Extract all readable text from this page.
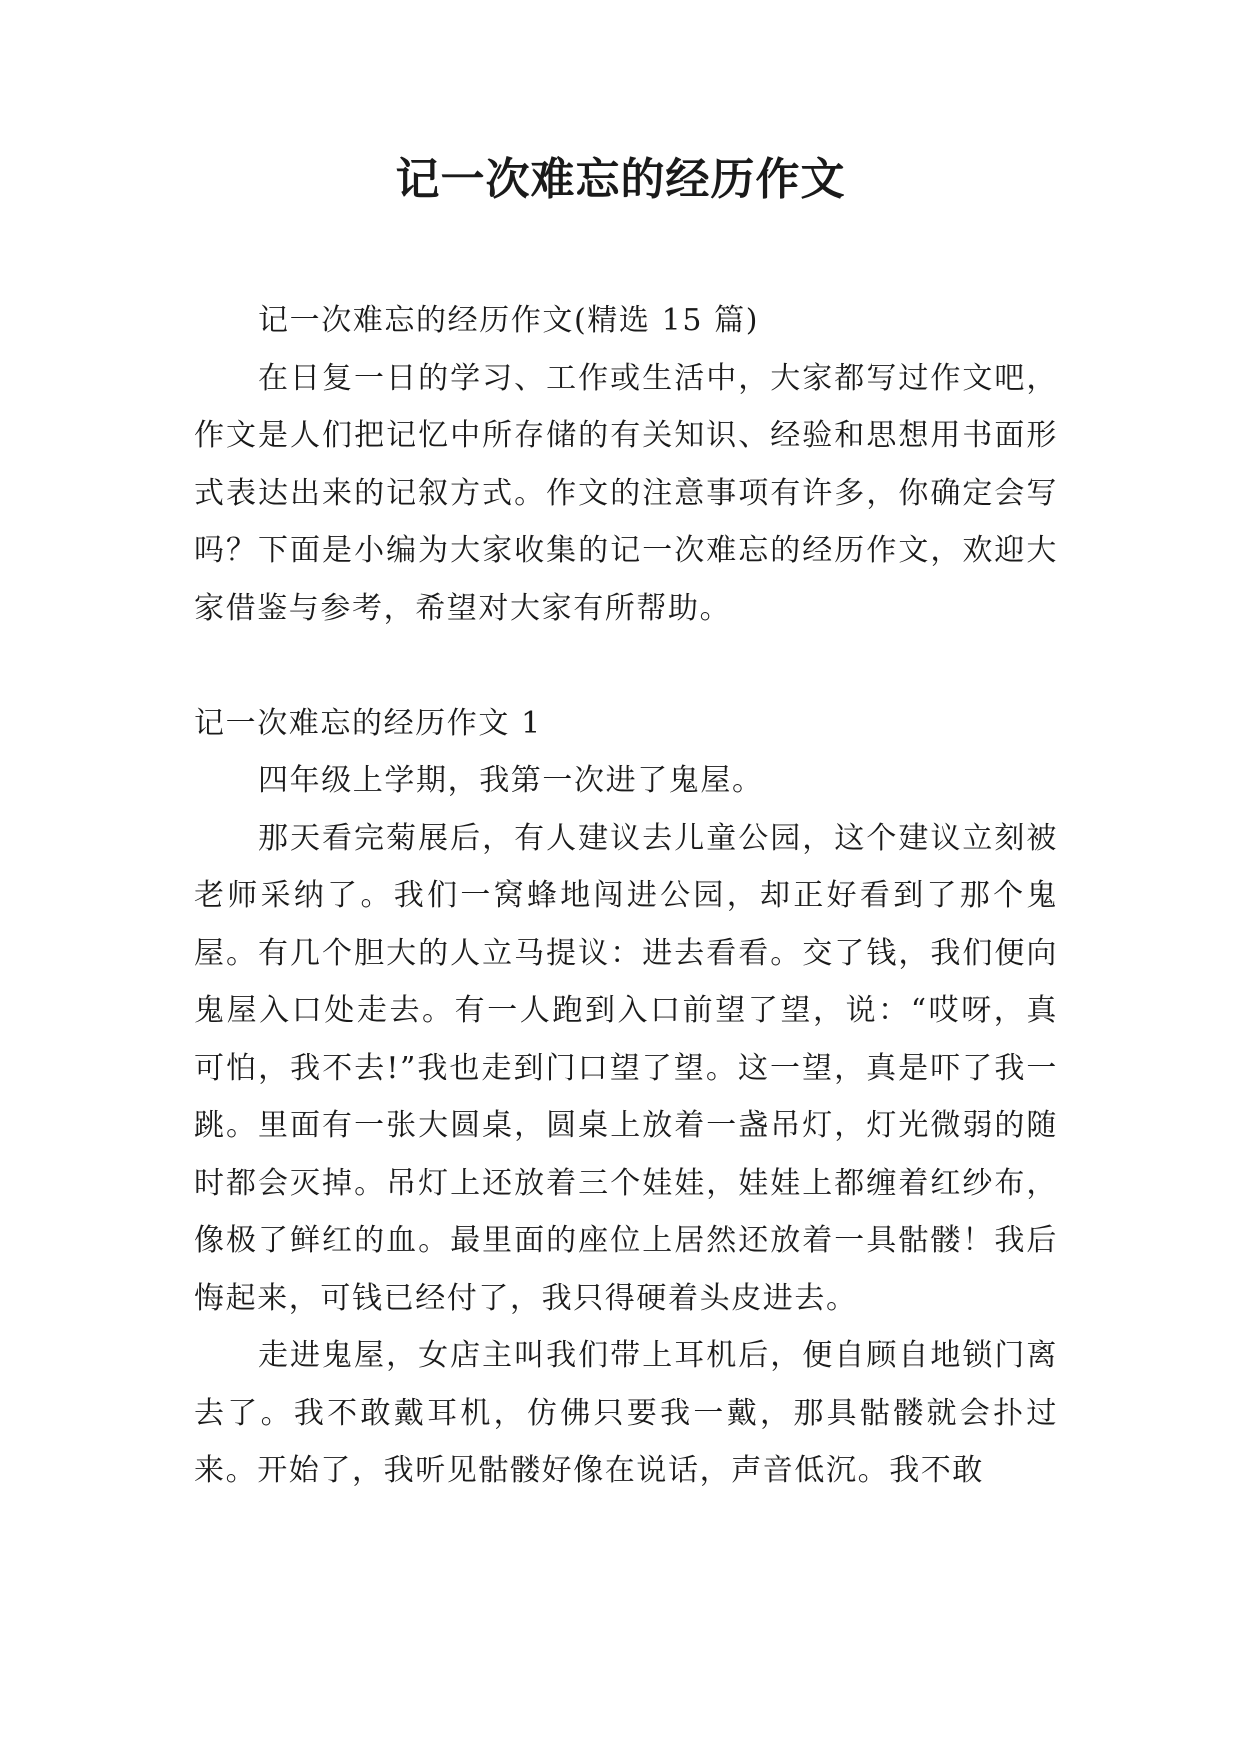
记一次难忘的经历作文

记一次难忘的经历作文(精选 15 篇)

在日复一日的学习、工作或生活中，大家都写过作文吧，作文是人们把记忆中所存储的有关知识、经验和思想用书面形式表达出来的记叙方式。作文的注意事项有许多，你确定会写吗？下面是小编为大家收集的记一次难忘的经历作文，欢迎大家借鉴与参考，希望对大家有所帮助。

记一次难忘的经历作文 1

四年级上学期，我第一次进了鬼屋。

那天看完菊展后，有人建议去儿童公园，这个建议立刻被老师采纳了。我们一窝蜂地闯进公园，却正好看到了那个鬼屋。有几个胆大的人立马提议：进去看看。交了钱，我们便向鬼屋入口处走去。有一人跑到入口前望了望，说：“哎呀，真可怕，我不去!”我也走到门口望了望。这一望，真是吓了我一跳。里面有一张大圆桌，圆桌上放着一盏吊灯，灯光微弱的随时都会灭掉。吊灯上还放着三个娃娃，娃娃上都缠着红纱布，像极了鲜红的血。最里面的座位上居然还放着一具骷髅！我后悔起来，可钱已经付了，我只得硬着头皮进去。

走进鬼屋，女店主叫我们带上耳机后，便自顾自地锁门离去了。我不敢戴耳机，仿佛只要我一戴，那具骷髅就会扑过来。开始了，我听见骷髅好像在说话，声音低沉。我不敢
